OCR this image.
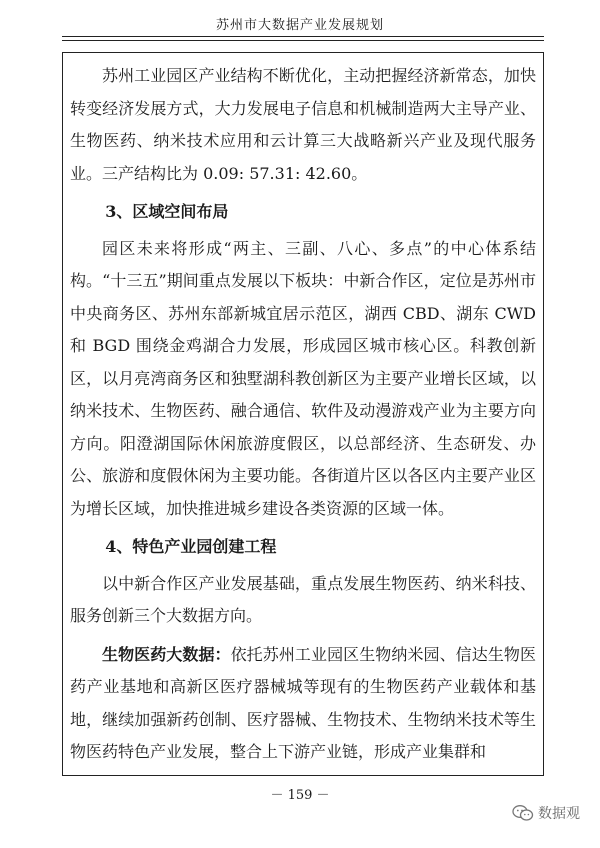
苏州市大数据产业发展规划

苏州工业园区产业结构不断优化，主动把握经济新常态，加快转变经济发展方式，大力发展电子信息和机械制造两大主导产业、生物医药、纳米技术应用和云计算三大战略新兴产业及现代服务业。三产结构比为 0.09: 57.31: 42.60。

3、区域空间布局

园区未来将形成“两主、三副、八心、多点”的中心体系结构。“十三五”期间重点发展以下板块：中新合作区，定位是苏州市中央商务区、苏州东部新城宜居示范区，湖西 CBD、湖东 CWD 和 BGD 围绕金鸡湖合力发展，形成园区城市核心区。科教创新区，以月亮湾商务区和独墅湖科教创新区为主要产业增长区域，以纳米技术、生物医药、融合通信、软件及动漫游戏产业为主要方向方向。阳澄湖国际休闲旅游度假区，以总部经济、生态研发、办公、旅游和度假休闲为主要功能。各街道片区以各区内主要产业区为增长区域，加快推进城乡建设各类资源的区域一体。

4、特色产业园创建工程

以中新合作区产业发展基础，重点发展生物医药、纳米科技、服务创新三个大数据方向。

生物医药大数据：依托苏州工业园区生物纳米园、信达生物医药产业基地和高新区医疗器械城等现有的生物医药产业载体和基地，继续加强新药创制、医疗器械、生物技术、生物纳米技术等生物医药特色产业发展，整合上下游产业链，形成产业集群和

－ 159 －
数据观
